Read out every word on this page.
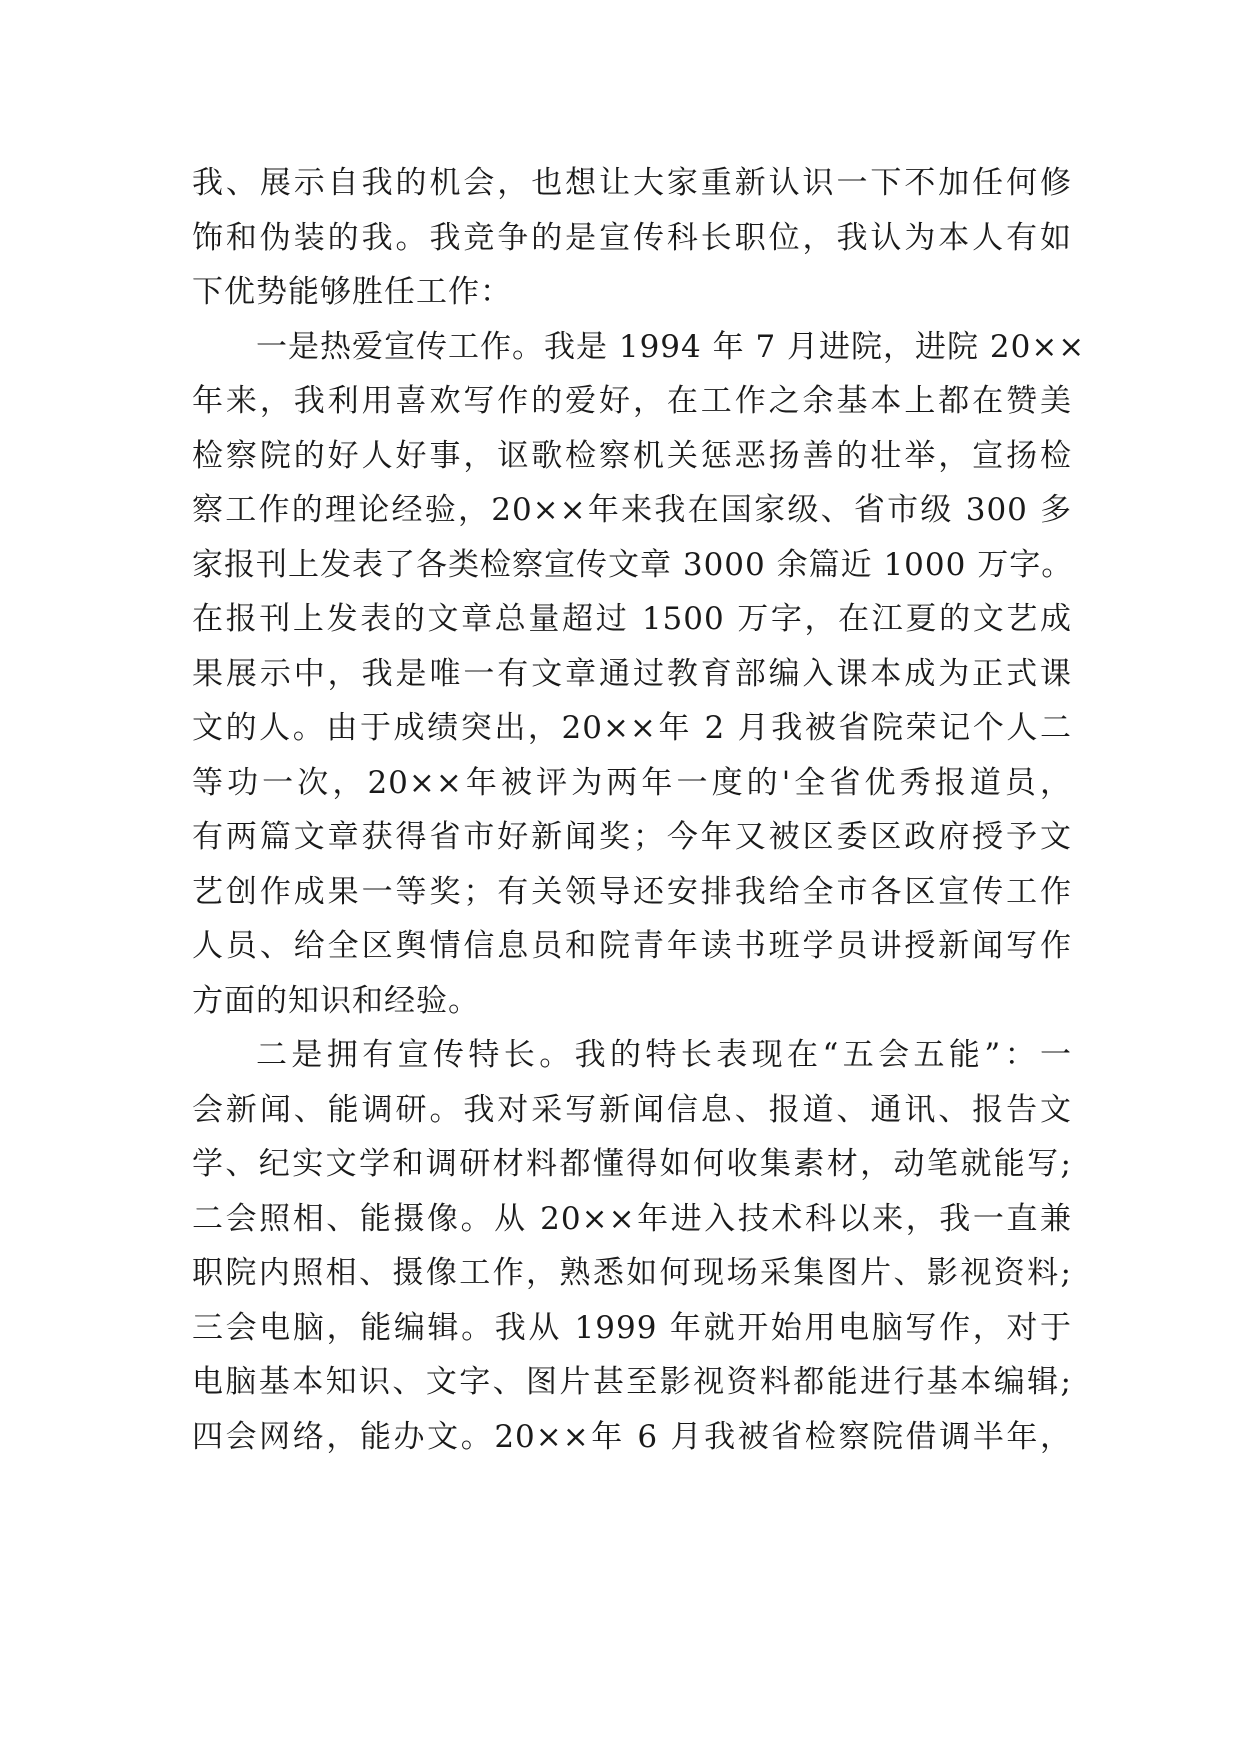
我、展示自我的机会，也想让大家重新认识一下不加任何修
饰和伪装的我。我竞争的是宣传科长职位，我认为本人有如
下优势能够胜任工作：
一是热爱宣传工作。我是 1994 年 7 月进院，进院 20××
年来，我利用喜欢写作的爱好，在工作之余基本上都在赞美
检察院的好人好事，讴歌检察机关惩恶扬善的壮举，宣扬检
察工作的理论经验，20××年来我在国家级、省市级 300 多
家报刊上发表了各类检察宣传文章 3000 余篇近 1000 万字。
在报刊上发表的文章总量超过 1500 万字，在江夏的文艺成
果展示中，我是唯一有文章通过教育部编入课本成为正式课
文的人。由于成绩突出，20××年 2 月我被省院荣记个人二
等功一次，20××年被评为两年一度的'全省优秀报道员，
有两篇文章获得省市好新闻奖；今年又被区委区政府授予文
艺创作成果一等奖；有关领导还安排我给全市各区宣传工作
人员、给全区舆情信息员和院青年读书班学员讲授新闻写作
方面的知识和经验。
二是拥有宣传特长。我的特长表现在“五会五能”：一
会新闻、能调研。我对采写新闻信息、报道、通讯、报告文
学、纪实文学和调研材料都懂得如何收集素材，动笔就能写;
二会照相、能摄像。从 20××年进入技术科以来，我一直兼
职院内照相、摄像工作，熟悉如何现场采集图片、影视资料;
三会电脑，能编辑。我从 1999 年就开始用电脑写作，对于
电脑基本知识、文字、图片甚至影视资料都能进行基本编辑;
四会网络，能办文。20××年 6 月我被省检察院借调半年，
